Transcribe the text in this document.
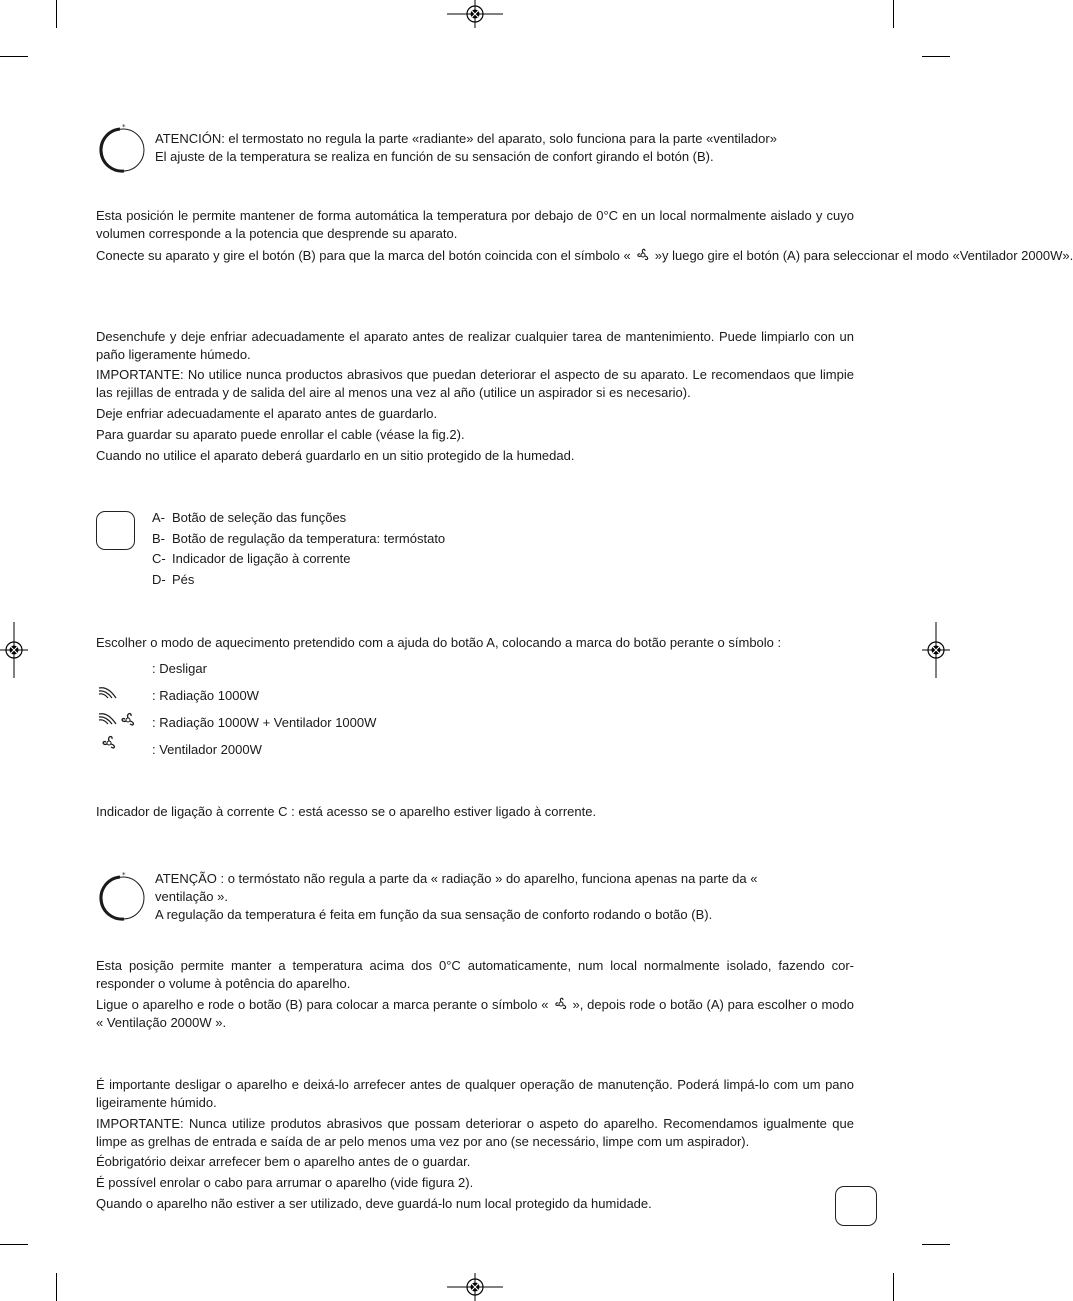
*
ATENCIÓN: el termostato no regula la parte «radiante» del aparato, solo funciona para la parte «ventilador»
El ajuste de la temperatura se realiza en función de su sensación de confort girando el botón (B).

Esta posición le permite mantener de forma automática la temperatura por debajo de 0°C en un local normalmente aislado y cuyo volumen corresponde a la potencia que desprende su aparato.

Conecte su aparato y gire el botón (B) para que la marca del botón coincida con el símbolo « »y luego gire el botón (A) para seleccionar el modo «Ventilador 2000W».

Desenchufe y deje enfriar adecuadamente el aparato antes de realizar cualquier tarea de mantenimiento. Puede limpiarlo con un paño ligeramente húmedo.

IMPORTANTE: No utilice nunca productos abrasivos que puedan deteriorar el aspecto de su aparato. Le recomendaos que limpie las rejillas de entrada y de salida del aire al menos una vez al año (utilice un aspirador si es necesario).

Deje enfriar adecuadamente el aparato antes de guardarlo.

Para guardar su aparato puede enrollar el cable (véase la fig.2).

Cuando no utilice el aparato deberá guardarlo en un sitio protegido de la humedad.

A- Botão de seleção das funções
B- Botão de regulação da temperatura: termóstato
C- Indicador de ligação à corrente
D- Pés

Escolher o modo de aquecimento pretendido com a ajuda do botão A, colocando a marca do botão perante o símbolo :

: Desligar
: Radiação 1000W
: Radiação 1000W + Ventilador 1000W
: Ventilador 2000W

Indicador de ligação à corrente C : está acesso se o aparelho estiver ligado à corrente.

* ATENÇÃO : o termóstato não regula a parte da « radiação » do aparelho, funciona apenas na parte da «
ventilação ».
A regulação da temperatura é feita em função da sua sensação de conforto rodando o botão (B).

Esta posição permite manter a temperatura acima dos 0°C automaticamente, num local normalmente isolado, fazendo cor-responder o volume à potência do aparelho.

Ligue o aparelho e rode o botão (B) para colocar a marca perante o símbolo « », depois rode o botão (A) para escolher o modo « Ventilação 2000W ».

É importante desligar o aparelho e deixá-lo arrefecer antes de qualquer operação de manutenção. Poderá limpá-lo com um pano ligeiramente húmido.

IMPORTANTE: Nunca utilize produtos abrasivos que possam deteriorar o aspeto do aparelho. Recomendamos igualmente que limpe as grelhas de entrada e saída de ar pelo menos uma vez por ano (se necessário, limpe com um aspirador).

Éobrigatório deixar arrefecer bem o aparelho antes de o guardar.

É possível enrolar o cabo para arrumar o aparelho (vide figura 2).

Quando o aparelho não estiver a ser utilizado, deve guardá-lo num local protegido da humidade.
